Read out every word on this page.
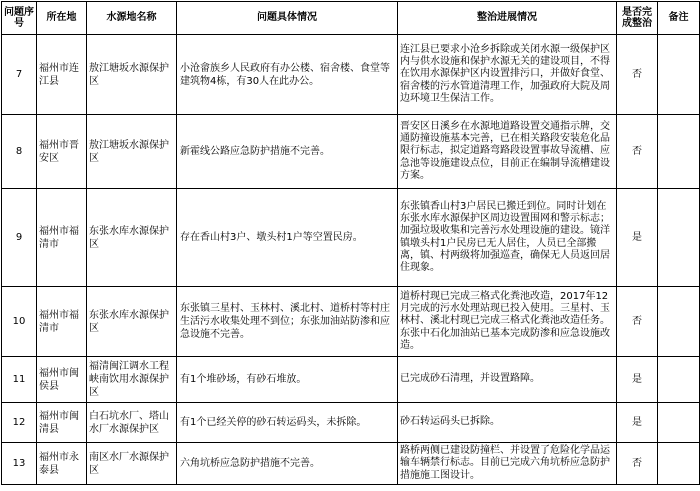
问题序号	所在地	水源地名称	问题具体情况	整治进展情况	是否完成整治	备注
7	福州市连江县	敖江塘坂水源保护区	小沧畲族乡人民政府有办公楼、宿舍楼、食堂等建筑物4栋，有30人在此办公。	连江县已要求小沧乡拆除或关闭水源一级保护区内与供水设施和保护水源无关的建设项目，不得在饮用水源保护区内设置排污口，并做好食堂、宿舍楼的污水管道清理工作，加强政府大院及周边环境卫生保洁工作。	否	
8	福州市晋安区	敖江塘坂水源保护区	新霍线公路应急防护措施不完善。	晋安区日溪乡在水源地道路设置交通指示牌，交通防撞设施基本完善，已在相关路段安装危化品限行标志，拟定道路弯路段设置事故导流槽、应急池等设施建设点位，目前正在编制导流槽建设方案。	否	
9	福州市福清市	东张水库水源保护区	存在香山村3户、墩头村1户等空置民房。	东张镇香山村3户居民已搬迁到位。同时计划在东张水库水源保护区周边设置围网和警示标志；加强垃圾收集和完善污水处理设施的建设。镜洋镇墩头村1户民房已无人居住，人员已全部搬离，镇、村两级将加强巡查，确保无人员返回居住现象。	是	
10	福州市福清市	东张水库水源保护区	东张镇三星村、玉林村、溪北村、道桥村等村庄生活污水收集处理不到位；东张加油站防渗和应急设施不完善。	道桥村现已完成三格式化粪池改造，2017年12月完成的污水处理站现已投入使用。三星村、玉林村、溪北村现已完成三格式化粪池改造任务。东张中石化加油站已基本完成防渗和应急设施改造。	否	
11	福州市闽侯县	福清闽江调水工程峡南饮用水源保护区	有1个堆砂场，有砂石堆放。	已完成砂石清理，并设置路障。	是	
12	福州市闽清县	白石坑水厂、塔山水厂水源保护区	有1个已经关停的砂石转运码头，未拆除。	砂石转运码头已拆除。	是	
13	福州市永泰县	南区水厂水源保护区	六角坑桥应急防护措施不完善。	路桥两侧已建设防撞栏、并设置了危险化学品运输车辆禁行标志。目前已完成六角坑桥应急防护措施施工图设计。	否	
